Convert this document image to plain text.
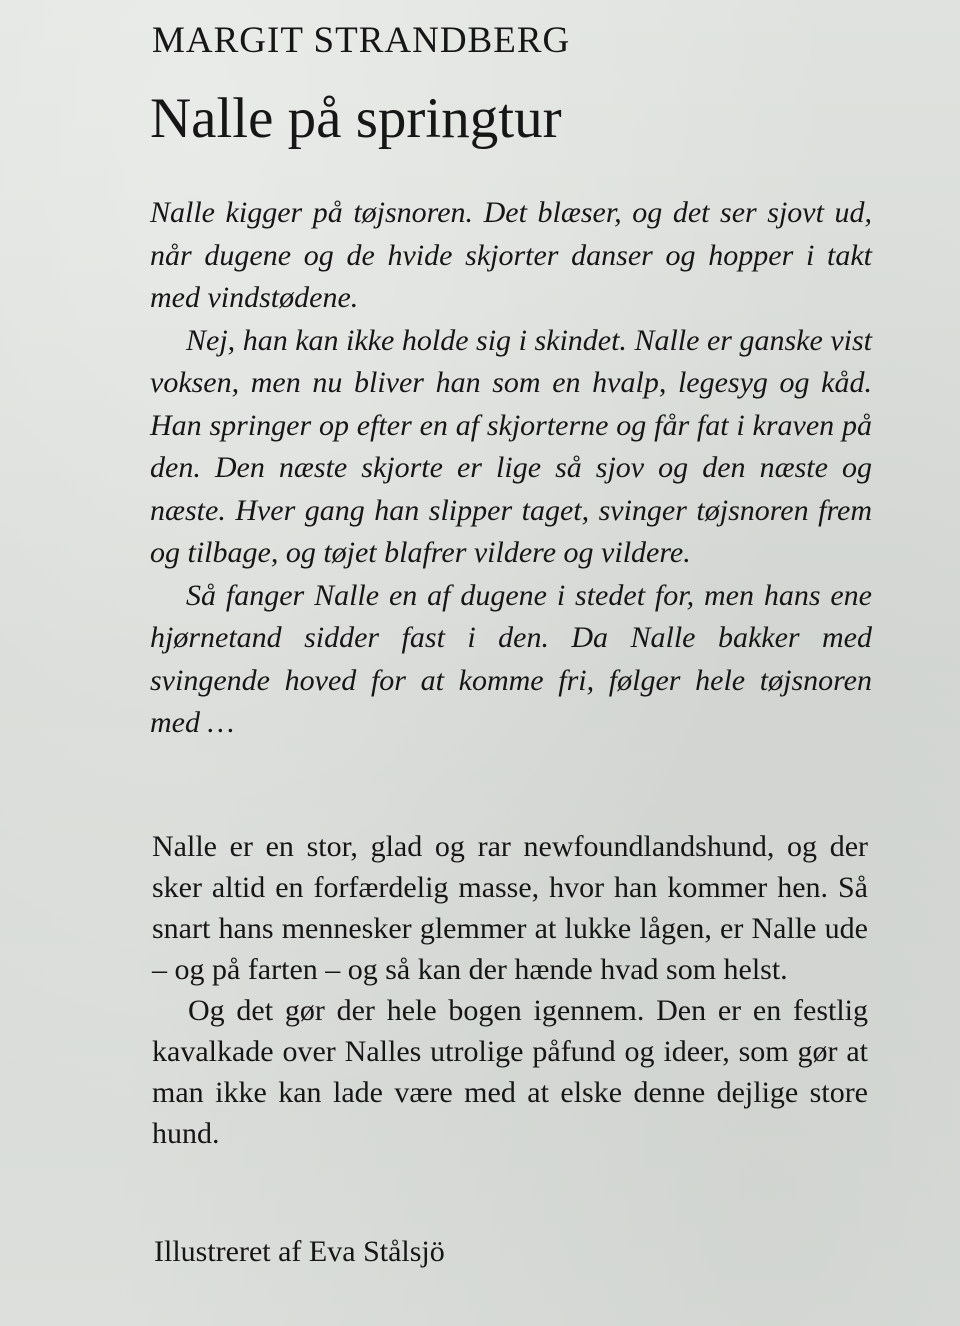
MARGIT STRANDBERG
Nalle på springtur

Nalle kigger på tøjsnoren. Det blæser, og det ser sjovt ud, når dugene og de hvide skjorter danser og hopper i takt med vindstødene.

Nej, han kan ikke holde sig i skindet. Nalle er ganske vist voksen, men nu bliver han som en hvalp, legesyg og kåd. Han springer op efter en af skjorterne og får fat i kraven på den. Den næste skjorte er lige så sjov og den næste og næste. Hver gang han slipper taget, svinger tøjsnoren frem og tilbage, og tøjet blafrer vildere og vildere.

Så fanger Nalle en af dugene i stedet for, men hans ene hjørnetand sidder fast i den. Da Nalle bakker med svingende hoved for at komme fri, følger hele tøjsnoren med …

Nalle er en stor, glad og rar newfoundlandshund, og der sker altid en forfærdelig masse, hvor han kommer hen. Så snart hans mennesker glemmer at lukke lågen, er Nalle ude – og på farten – og så kan der hænde hvad som helst.

Og det gør der hele bogen igennem. Den er en festlig kavalkade over Nalles utrolige påfund og ideer, som gør at man ikke kan lade være med at elske denne dejlige store hund.

Illustreret af Eva Stålsjö
